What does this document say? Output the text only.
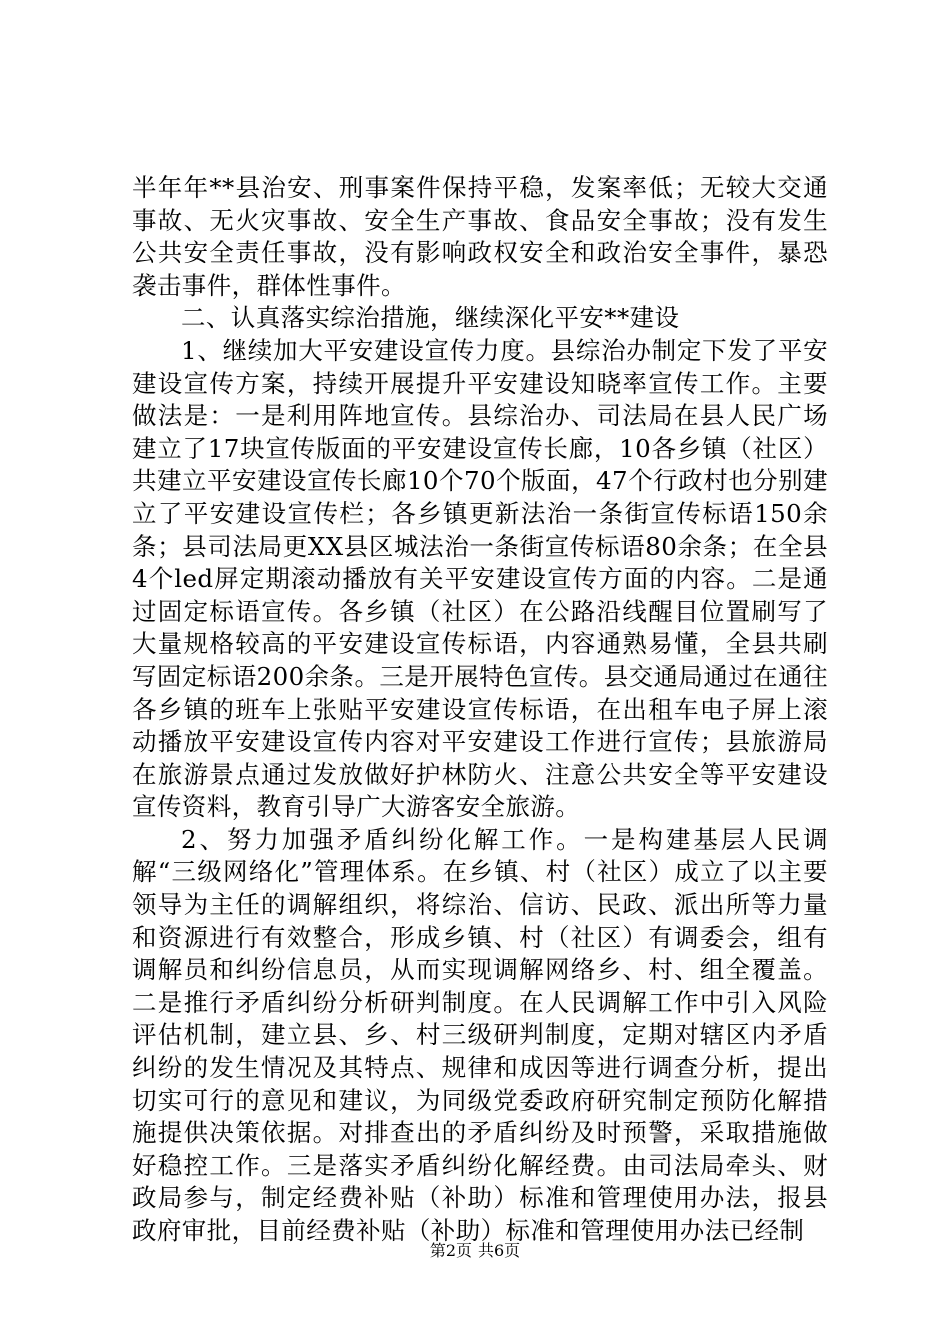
半年年**县治安、刑事案件保持平稳，发案率低；无较大交通事故、无火灾事故、安全生产事故、食品安全事故；没有发生公共安全责任事故，没有影响政权安全和政治安全事件，暴恐袭击事件，群体性事件。

二、认真落实综治措施，继续深化平安**建设

1、继续加大平安建设宣传力度。县综治办制定下发了平安建设宣传方案，持续开展提升平安建设知晓率宣传工作。主要做法是：一是利用阵地宣传。县综治办、司法局在县人民广场建立了17块宣传版面的平安建设宣传长廊，10各乡镇（社区）共建立平安建设宣传长廊10个70个版面，47个行政村也分别建立了平安建设宣传栏；各乡镇更新法治一条街宣传标语150余条；县司法局更XX县区城法治一条街宣传标语80余条；在全县4个led屏定期滚动播放有关平安建设宣传方面的内容。二是通过固定标语宣传。各乡镇（社区）在公路沿线醒目位置刷写了大量规格较高的平安建设宣传标语，内容通熟易懂，全县共刷写固定标语200余条。三是开展特色宣传。县交通局通过在通往各乡镇的班车上张贴平安建设宣传标语，在出租车电子屏上滚动播放平安建设宣传内容对平安建设工作进行宣传；县旅游局在旅游景点通过发放做好护林防火、注意公共安全等平安建设宣传资料，教育引导广大游客安全旅游。

2、努力加强矛盾纠纷化解工作。一是构建基层人民调解“三级网络化”管理体系。在乡镇、村（社区）成立了以主要领导为主任的调解组织，将综治、信访、民政、派出所等力量和资源进行有效整合，形成乡镇、村（社区）有调委会，组有调解员和纠纷信息员，从而实现调解网络乡、村、组全覆盖。二是推行矛盾纠纷分析研判制度。在人民调解工作中引入风险评估机制，建立县、乡、村三级研判制度，定期对辖区内矛盾纠纷的发生情况及其特点、规律和成因等进行调查分析，提出切实可行的意见和建议，为同级党委政府研究制定预防化解措施提供决策依据。对排查出的矛盾纠纷及时预警，采取措施做好稳控工作。三是落实矛盾纠纷化解经费。由司法局牵头、财政局参与，制定经费补贴（补助）标准和管理使用办法，报县政府审批，目前经费补贴（补助）标准和管理使用办法已经制

第2页 共6页
